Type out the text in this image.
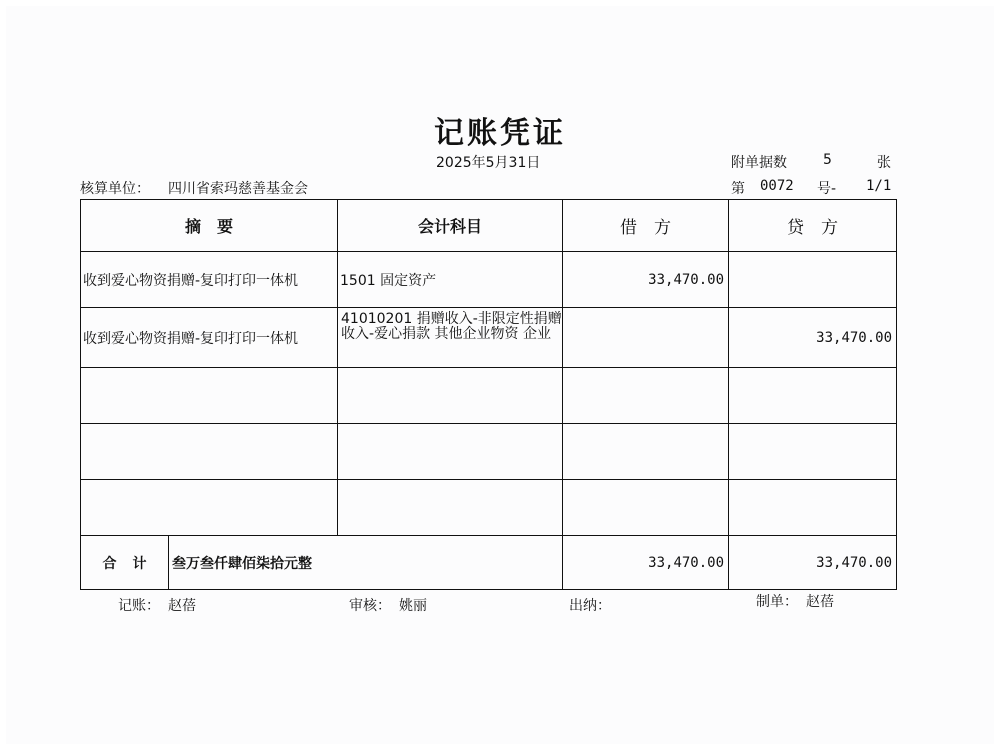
记账凭证
2025年5月31日	附单据数	5	张
核算单位： 四川省索玛慈善基金会	第 0072 号- 1/1
摘　要		会计科目	借　方	贷　方
收到爱心物资捐赠-复印打印一体机		1501 固定资产	33,470.00	
收到爱心物资捐赠-复印打印一体机		41010201 捐赠收入-非限定性捐赠收入-爱心捐款 其他企业物资 企业		33,470.00

合计	叁万叁仟肆佰柒拾元整		33,470.00	33,470.00
记账： 赵蓓	审核： 姚丽	出纳：	制单： 赵蓓
